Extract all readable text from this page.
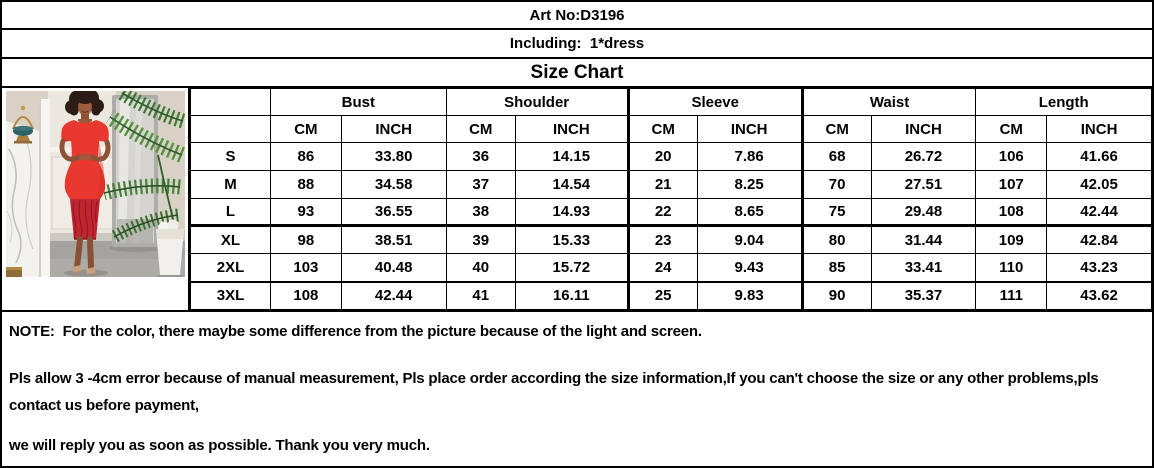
Art No:D3196
Including:  1*dress
Size Chart
	Bust		Shoulder		Sleeve		Waist		Length	
	CM	INCH	CM	INCH	CM	INCH	CM	INCH	CM	INCH
S	86	33.80	36	14.15	20	7.86	68	26.72	106	41.66
M	88	34.58	37	14.54	21	8.25	70	27.51	107	42.05
L	93	36.55	38	14.93	22	8.65	75	29.48	108	42.44
XL	98	38.51	39	15.33	23	9.04	80	31.44	109	42.84
2XL	103	40.48	40	15.72	24	9.43	85	33.41	110	43.23
3XL	108	42.44	41	16.11	25	9.83	90	35.37	111	43.62

NOTE:  For the color, there maybe some difference from the picture because of the light and screen.

Pls allow 3 -4cm error because of manual measurement, Pls place order according the size information,If you can't choose the size or any other problems,pls

contact us before payment,

we will reply you as soon as possible. Thank you very much.
